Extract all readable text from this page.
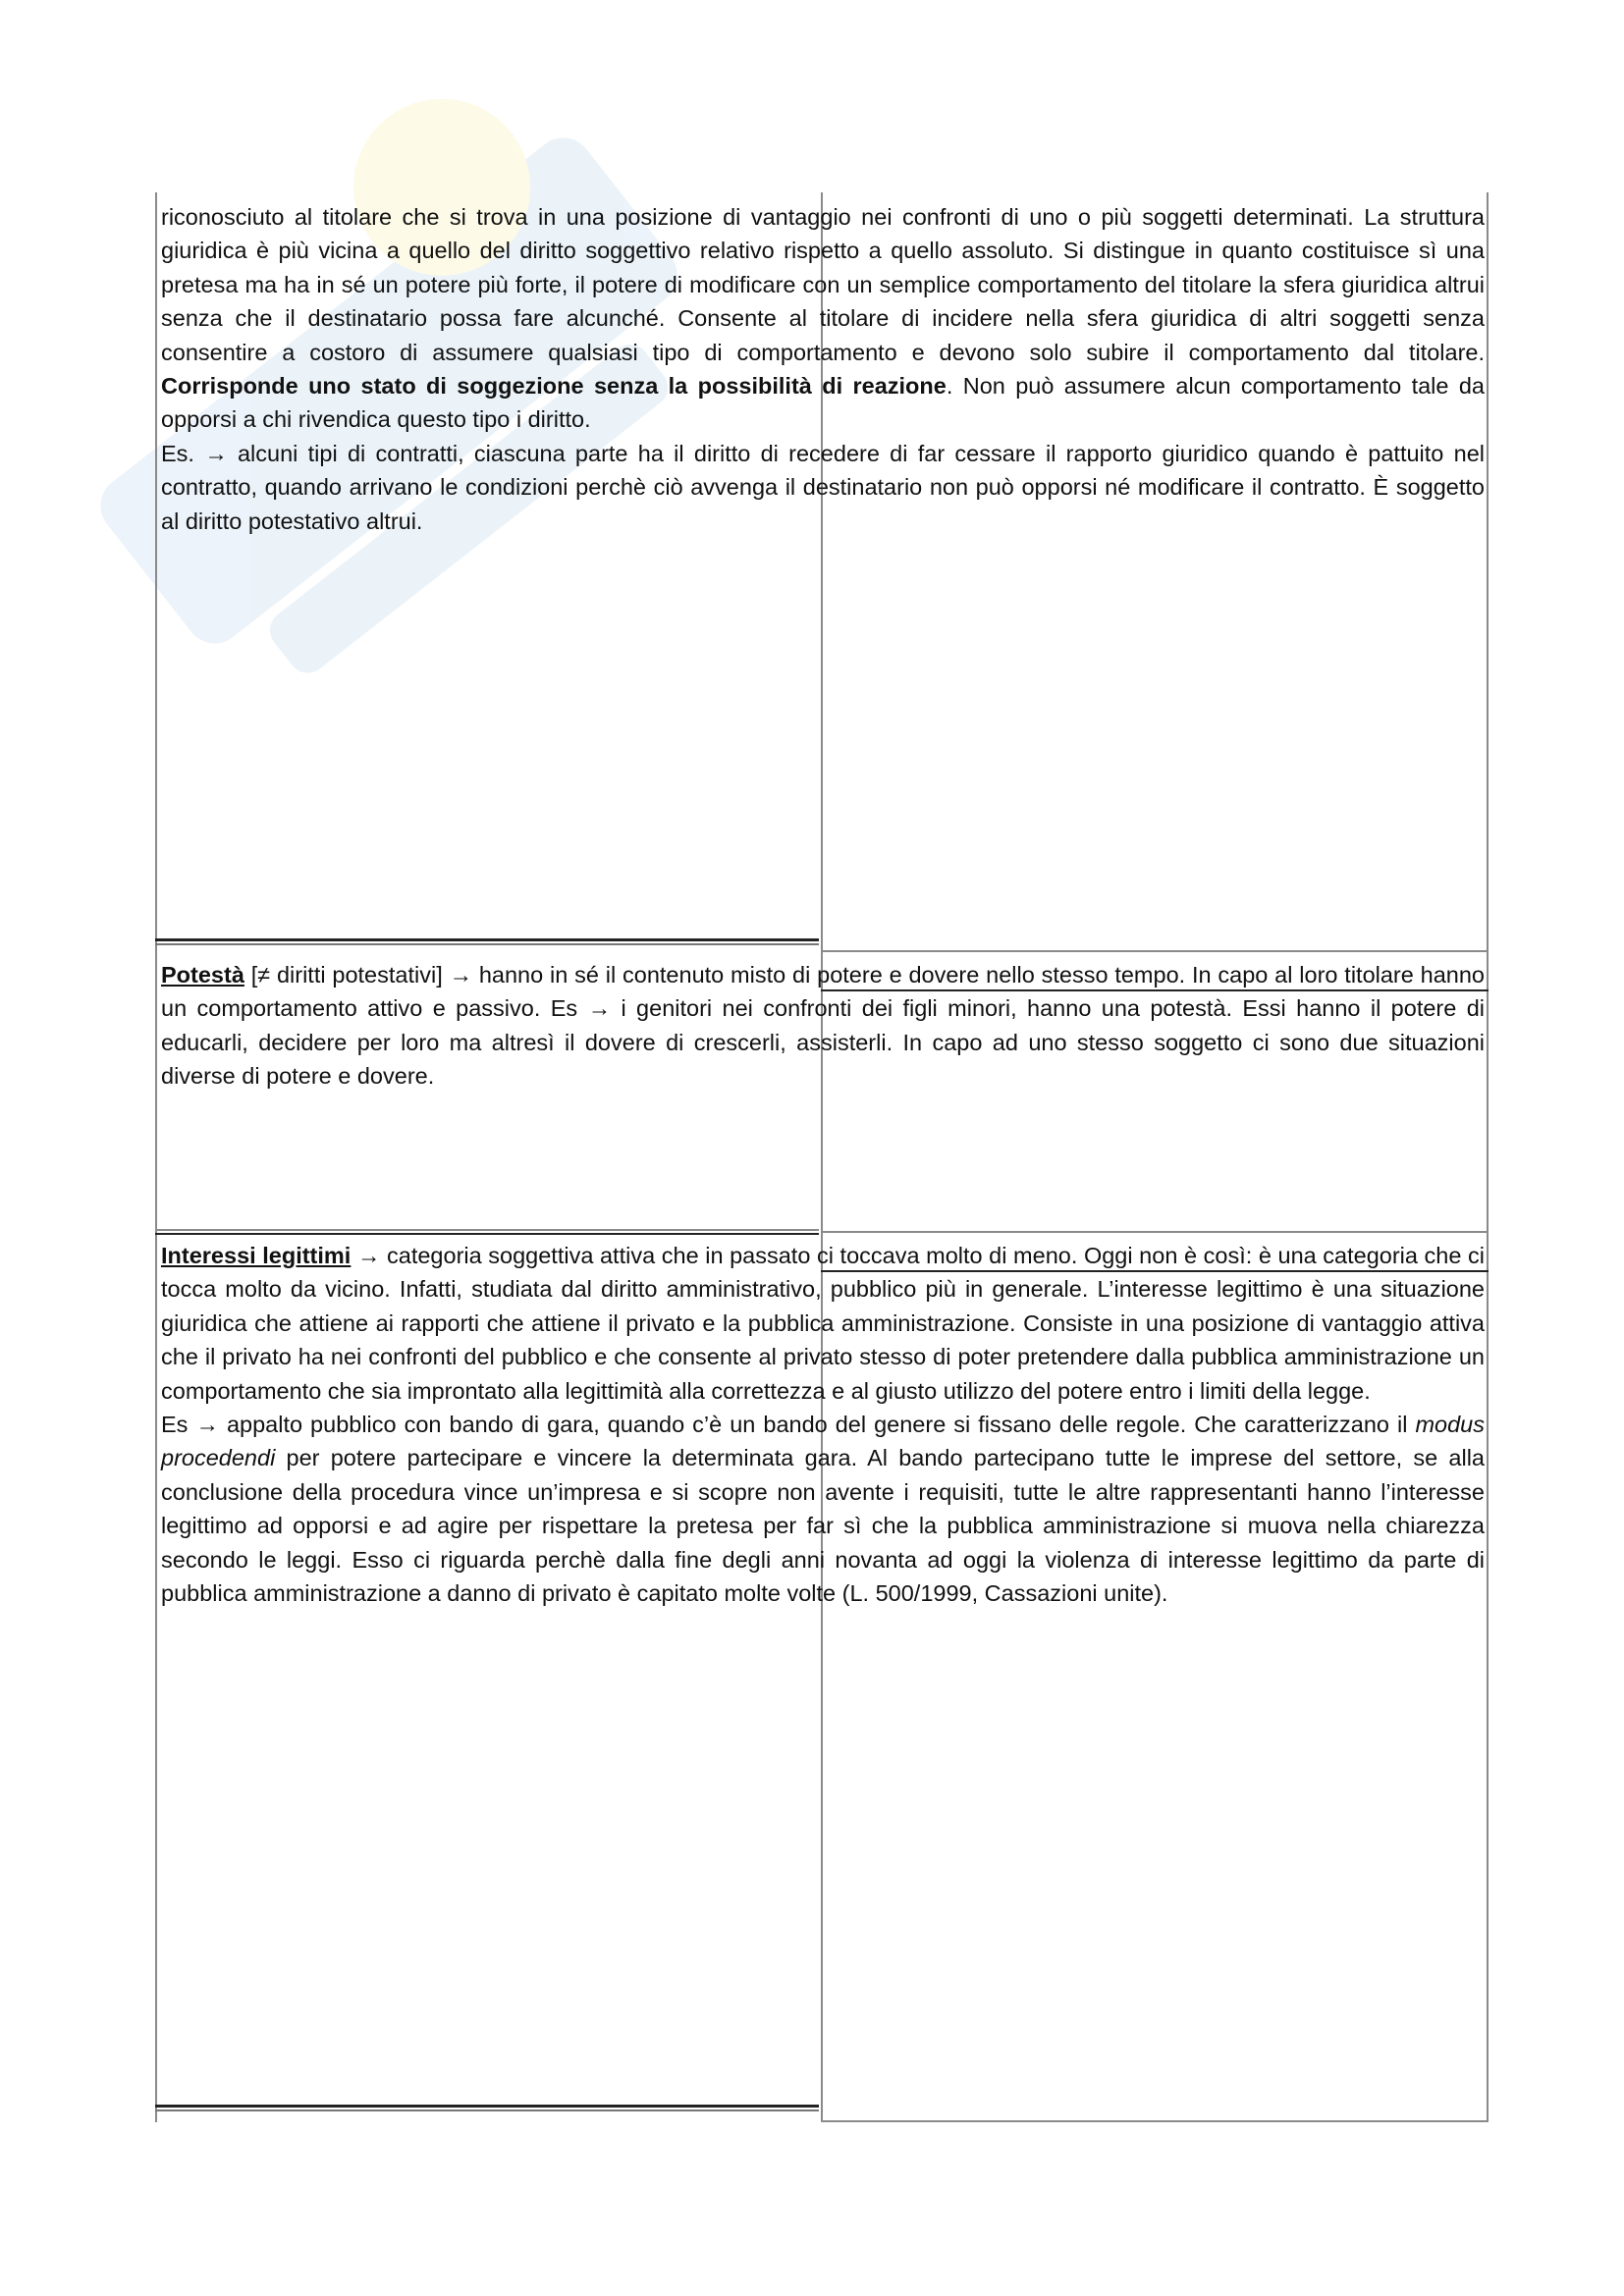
riconosciuto al titolare che si trova in una posizione di vantaggio nei confronti di uno o più soggetti determinati. La struttura giuridica è più vicina a quello del diritto soggettivo relativo rispetto a quello assoluto. Si distingue in quanto costituisce sì una pretesa ma ha in sé un potere più forte, il potere di modificare con un semplice comportamento del titolare la sfera giuridica altrui senza che il destinatario possa fare alcunché. Consente al titolare di incidere nella sfera giuridica di altri soggetti senza consentire a costoro di assumere qualsiasi tipo di comportamento e devono solo subire il comportamento dal titolare. Corrisponde uno stato di soggezione senza la possibilità di reazione. Non può assumere alcun comportamento tale da opporsi a chi rivendica questo tipo i diritto.

Es. → alcuni tipi di contratti, ciascuna parte ha il diritto di recedere di far cessare il rapporto giuridico quando è pattuito nel contratto, quando arrivano le condizioni perchè ciò avvenga il destinatario non può opporsi né modificare il contratto. È soggetto al diritto potestativo altrui.

Potestà [≠ diritti potestativi] → hanno in sé il contenuto misto di potere e dovere nello stesso tempo. In capo al loro titolare hanno un comportamento attivo e passivo. Es → i genitori nei confronti dei figli minori, hanno una potestà. Essi hanno il potere di educarli, decidere per loro ma altresì il dovere di crescerli, assisterli. In capo ad uno stesso soggetto ci sono due situazioni diverse di potere e dovere.

Interessi legittimi → categoria soggettiva attiva che in passato ci toccava molto di meno. Oggi non è così: è una categoria che ci tocca molto da vicino. Infatti, studiata dal diritto amministrativo, pubblico più in generale. L’interesse legittimo è una situazione giuridica che attiene ai rapporti che attiene il privato e la pubblica amministrazione. Consiste in una posizione di vantaggio attiva che il privato ha nei confronti del pubblico e che consente al privato stesso di poter pretendere dalla pubblica amministrazione un comportamento che sia improntato alla legittimità alla correttezza e al giusto utilizzo del potere entro i limiti della legge.

Es → appalto pubblico con bando di gara, quando c’è un bando del genere si fissano delle regole. Che caratterizzano il modus procedendi per potere partecipare e vincere la determinata gara. Al bando partecipano tutte le imprese del settore, se alla conclusione della procedura vince un’impresa e si scopre non avente i requisiti, tutte le altre rappresentanti hanno l’interesse legittimo ad opporsi e ad agire per rispettare la pretesa per far sì che la pubblica amministrazione si muova nella chiarezza secondo le leggi. Esso ci riguarda perchè dalla fine degli anni novanta ad oggi la violenza di interesse legittimo da parte di pubblica amministrazione a danno di privato è capitato molte volte (L. 500/1999, Cassazioni unite).
